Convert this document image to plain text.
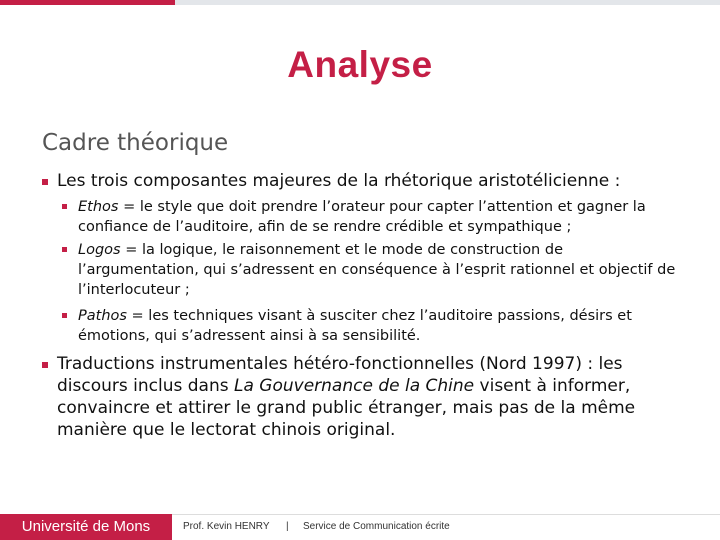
Analyse
Cadre théorique
Les trois composantes majeures de la rhétorique aristotélicienne :
Ethos = le style que doit prendre l’orateur pour capter l’attention et gagner la confiance de l’auditoire, afin de se rendre crédible et sympathique ;
Logos = la logique, le raisonnement et le mode de construction de l’argumentation, qui s’adressent en conséquence à l’esprit rationnel et objectif de l’interlocuteur ;
Pathos = les techniques visant à susciter chez l’auditoire passions, désirs et émotions, qui s’adressent ainsi à sa sensibilité.
Traductions instrumentales hétéro-fonctionnelles (Nord 1997) : les discours inclus dans La Gouvernance de la Chine visent à informer, convaincre et attirer le grand public étranger, mais pas de la même manière que le lectorat chinois original.
Université de Mons	Prof. Kevin HENRY | Service de Communication écrite
